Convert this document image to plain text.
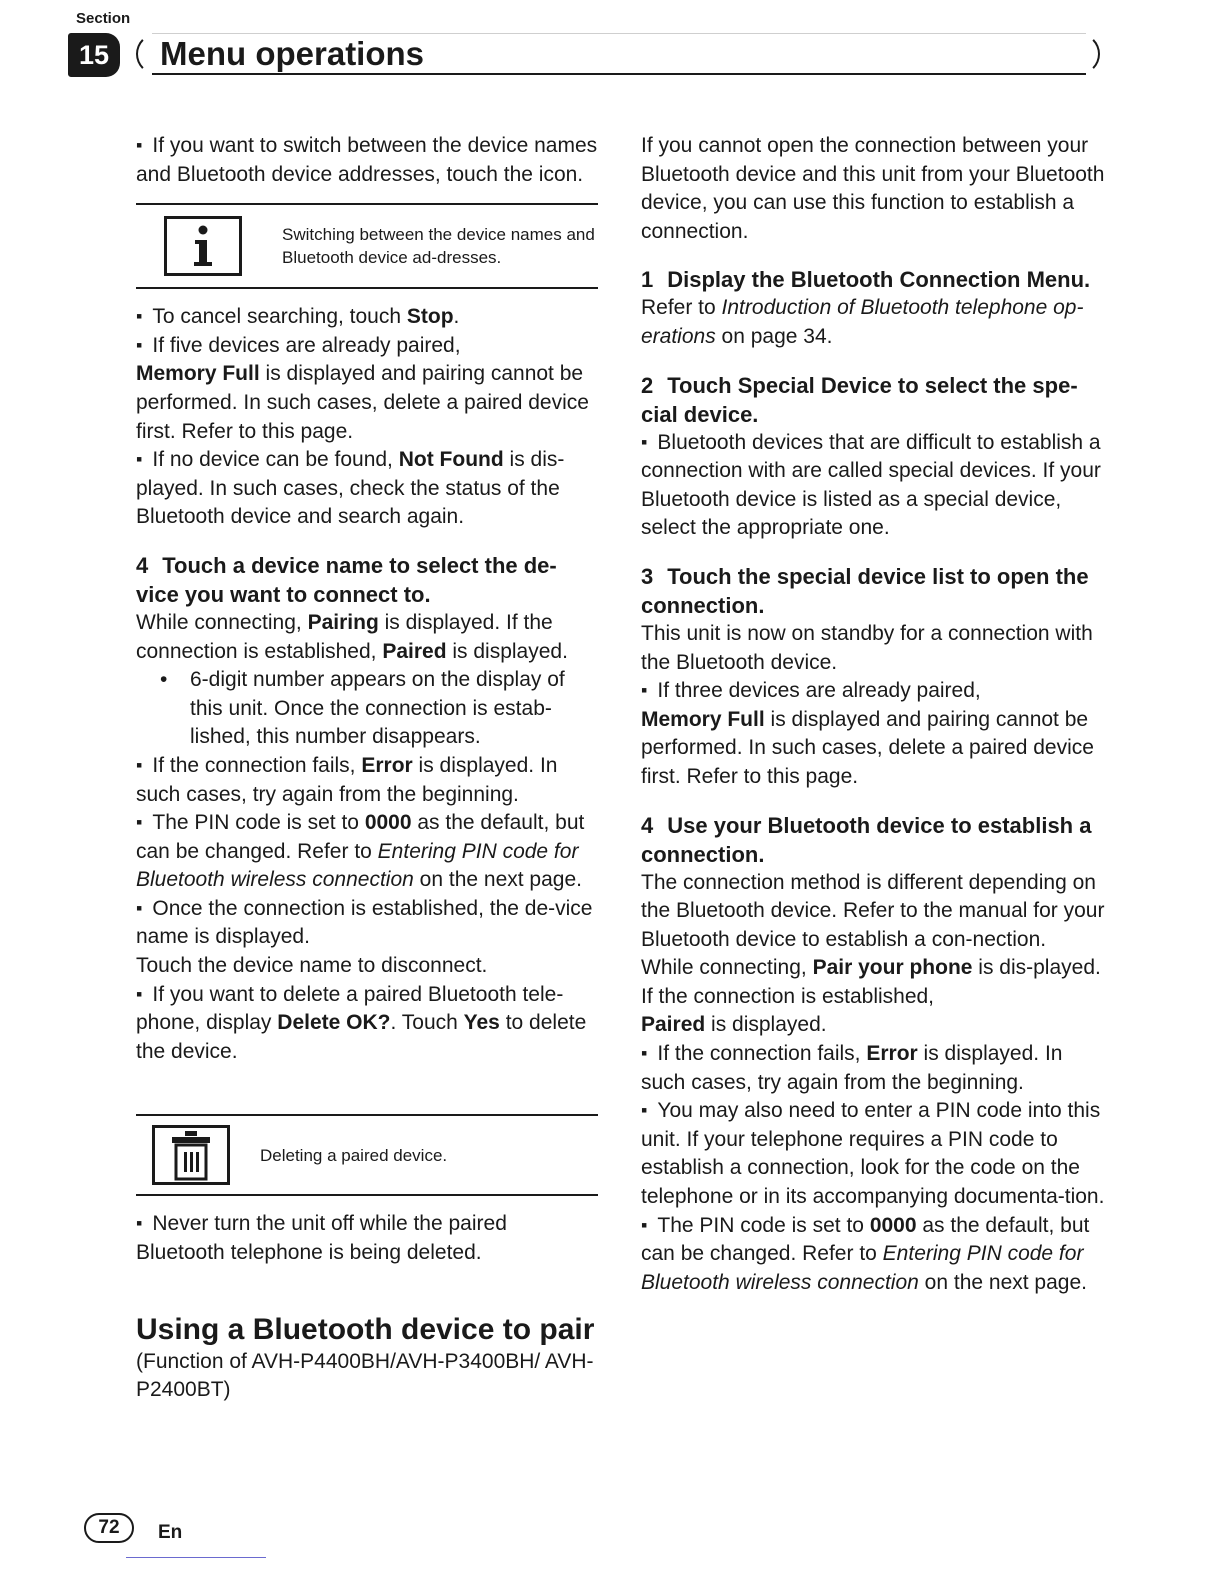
Section
15	Menu operations

▪ If you want to switch between the device names and Bluetooth device addresses, touch the icon.

Switching between the device names and Bluetooth device ad-dresses.

▪ To cancel searching, touch Stop.

▪ If five devices are already paired,

Memory Full is displayed and pairing cannot be performed. In such cases, delete a paired device first. Refer to this page.

▪ If no device can be found, Not Found is dis-played. In such cases, check the status of the Bluetooth device and search again.

4 Touch a device name to select the de-vice you want to connect to.

While connecting, Pairing is displayed. If the connection is established, Paired is displayed.

• 6-digit number appears on the display of this unit. Once the connection is estab-lished, this number disappears.

▪ If the connection fails, Error is displayed. In such cases, try again from the beginning.

▪ The PIN code is set to 0000 as the default, but can be changed. Refer to Entering PIN code for Bluetooth wireless connection on the next page.

▪ Once the connection is established, the de-vice name is displayed.

Touch the device name to disconnect.

▪ If you want to delete a paired Bluetooth tele-phone, display Delete OK?. Touch Yes to delete the device.

Deleting a paired device.

▪ Never turn the unit off while the paired Bluetooth telephone is being deleted.

Using a Bluetooth device to pair

(Function of AVH-P4400BH/AVH-P3400BH/ AVH-P2400BT)

If you cannot open the connection between your Bluetooth device and this unit from your Bluetooth device, you can use this function to establish a connection.

1 Display the Bluetooth Connection Menu.

Refer to Introduction of Bluetooth telephone op-erations on page 34.

2 Touch Special Device to select the spe-cial device.

▪ Bluetooth devices that are difficult to establish a connection with are called special devices. If your Bluetooth device is listed as a special device, select the appropriate one.

3 Touch the special device list to open the connection.

This unit is now on standby for a connection with the Bluetooth device.

▪ If three devices are already paired,

Memory Full is displayed and pairing cannot be performed. In such cases, delete a paired device first. Refer to this page.

4 Use your Bluetooth device to establish a connection.

The connection method is different depending on the Bluetooth device. Refer to the manual for your Bluetooth device to establish a con-nection.

While connecting, Pair your phone is dis-played. If the connection is established,
Paired is displayed.

▪ If the connection fails, Error is displayed. In such cases, try again from the beginning.

▪ You may also need to enter a PIN code into this unit. If your telephone requires a PIN code to establish a connection, look for the code on the telephone or in its accompanying documenta-tion.

▪ The PIN code is set to 0000 as the default, but can be changed. Refer to Entering PIN code for Bluetooth wireless connection on the next page.

72	En
